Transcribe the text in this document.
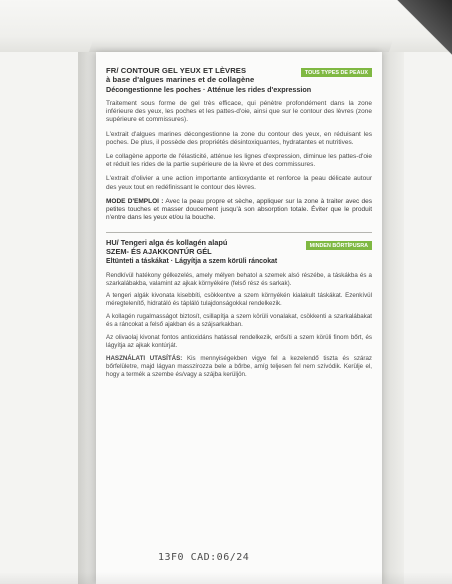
FR/ CONTOUR GEL YEUX ET LÈVRES
à base d'algues marines et de collagène
TOUS TYPES DE PEAUX
Décongestionne les poches · Atténue les rides d'expression

Traitement sous forme de gel très efficace, qui pénètre profondément dans la zone inférieure des yeux, les poches et les pattes-d'oie, ainsi que sur le contour des lèvres (zone supérieure et commissures).

L'extrait d'algues marines décongestionne la zone du contour des yeux, en réduisant les poches. De plus, il possède des propriétés désintoxiquantes, hydratantes et nutritives.

Le collagène apporte de l'élasticité, atténue les lignes d'expression, diminue les pattes-d'oie et réduit les rides de la partie supérieure de la lèvre et des commissures.

L'extrait d'olivier a une action importante antioxydante et renforce la peau délicate autour des yeux tout en redéfinissant le contour des lèvres.

MODE D'EMPLOI : Avec la peau propre et sèche, appliquer sur la zone à traiter avec des petites touches et masser doucement jusqu'à son absorption totale. Éviter que le produit n'entre dans les yeux et/ou la bouche.

HU/ Tengeri alga és kollagén alapú
SZEM- ÉS AJAKKONTÚR GÉL
MINDEN BŐRTÍPUSRA
Eltünteti a táskákat · Lágyítja a szem körüli ráncokat

Rendkívül hatékony gélkezelés, amely mélyen behatol a szemek alsó részébe, a táskákba és a szarkalábakba, valamint az ajkak környékére (felső rész és sarkak).

A tengeri algák kivonata kisebbíti, csökkentve a szem környékén kialakult táskákat. Ezenkívül méregtelenítő, hidratáló és tápláló tulajdonságokkal rendelkezik.

A kollagén rugalmasságot biztosít, csillapítja a szem körüli vonalakat, csökkenti a szarkalábakat és a ráncokat a felső ajakban és a szájsarkakban.

Az olivaolaj kivonat fontos antioxidáns hatással rendelkezik, erősíti a szem körüli finom bőrt, és lágyítja az ajkak kontúrját.

HASZNÁLATI UTASÍTÁS: Kis mennyiségekben vigye fel a kezelendő tiszta és száraz bőrfelületre, majd lágyan masszírozza bele a bőrbe, amíg teljesen fel nem szívódik. Kerülje el, hogy a termék a szembe és/vagy a szájba kerüljön.

13F0 CAD:06/24
